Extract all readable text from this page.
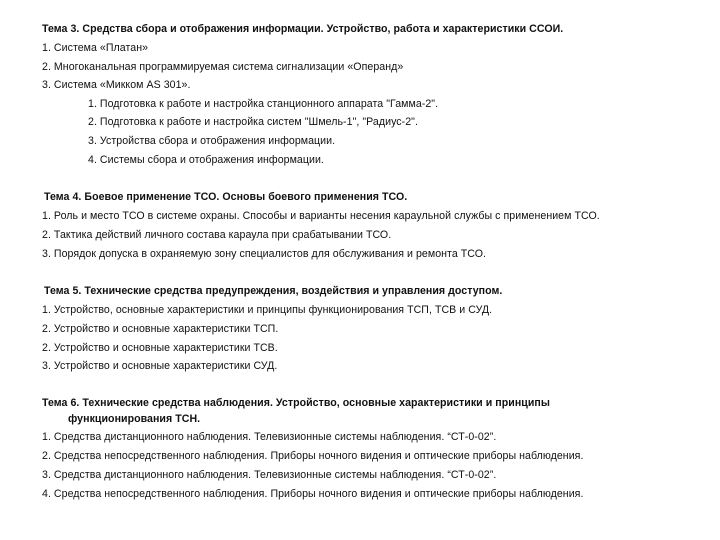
Тема 3. Средства сбора и отображения информации. Устройство, работа и характеристики ССОИ.
1. Система «Платан»
2. Многоканальная программируемая система сигнализации «Операнд»
3. Система «Микком AS 301».
1. Подготовка к работе и настройка станционного аппарата "Гамма-2".
2. Подготовка к работе и настройка систем "Шмель-1", "Радиус-2".
3. Устройства сбора и отображения информации.
4. Системы сбора и отображения информации.
Тема 4. Боевое применение ТСО. Основы боевого применения ТСО.
1. Роль и место ТСО в системе охраны. Способы и варианты несения караульной службы с применением ТСО.
2. Тактика действий личного состава караула при срабатывании ТСО.
3. Порядок допуска в охраняемую зону специалистов для обслуживания и ремонта ТСО.
Тема 5. Технические средства предупреждения, воздействия и управления доступом.
1. Устройство, основные характеристики и принципы функционирования ТСП, ТСВ и СУД.
2. Устройство и основные характеристики ТСП.
2. Устройство и основные характеристики ТСВ.
3. Устройство и основные характеристики СУД.
Тема 6. Технические средства наблюдения. Устройство, основные характеристики и принципы
функционирования ТСН.
1. Средства дистанционного наблюдения. Телевизионные системы наблюдения. “СТ-0-02”.
2. Средства непосредственного наблюдения. Приборы ночного видения и оптические приборы наблюдения.
3. Средства дистанционного наблюдения. Телевизионные системы наблюдения. “СТ-0-02”.
4. Средства непосредственного наблюдения. Приборы ночного видения и оптические приборы наблюдения.
